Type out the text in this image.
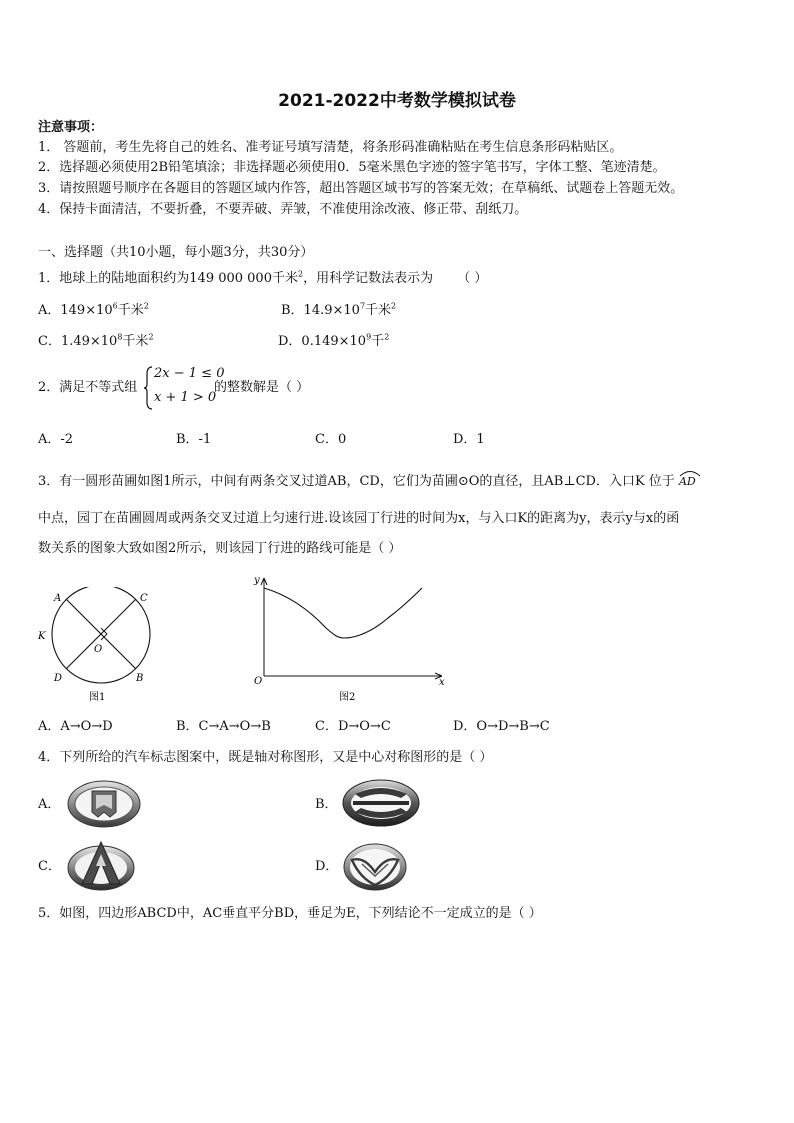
2021-2022中考数学模拟试卷
注意事项：
1． 答题前，考生先将自己的姓名、准考证号填写清楚，将条形码准确粘贴在考生信息条形码粘贴区。
2．选择题必须使用2B铅笔填涂；非选择题必须使用0．5毫米黑色字迹的签字笔书写，字体工整、笔迹清楚。
3．请按照题号顺序在各题目的答题区域内作答，超出答题区域书写的答案无效；在草稿纸、试题卷上答题无效。
4．保持卡面清洁，不要折叠，不要弄破、弄皱，不准使用涂改液、修正带、刮纸刀。
一、选择题（共10小题，每小题3分，共30分）
1．地球上的陆地面积约为149 000 000千米$^2$，用科学记数法表示为 （ ）
A．$149\times 10^6$千米$^2$	B．$14.9\times 10^7$千米$^2$
C．$1.49\times 10^8$千米$^2$	D．$0.149\times 10^9$千$^2$
2．满足不等式组
2x − 1 ≤ 0
x + 1 > 0
的整数解是（ ）
A．-2	B．-1	C．0	D．1
3．有一圆形苗圃如图1所示，中间有两条交叉过道AB，CD，它们为苗圃⊙O的直径，且AB⊥CD．入口K 位于 AD
中点，园丁在苗圃圆周或两条交叉过道上匀速行进.设该园丁行进的时间为x，与入口K的距离为y，表示y与x的函
数关系的图象大致如图2所示，则该园丁行进的路线可能是（ ）
A	C
K
O
D	B
图1
y
x
O
图2
A．A→O→D	B．C→A→O→B	C．D→O→C	D．O→D→B→C
4．下列所给的汽车标志图案中，既是轴对称图形，又是中心对称图形的是（ ）
A．	B．
C．	D．
5．如图，四边形ABCD中，AC垂直平分BD，垂足为E，下列结论不一定成立的是（ ）
